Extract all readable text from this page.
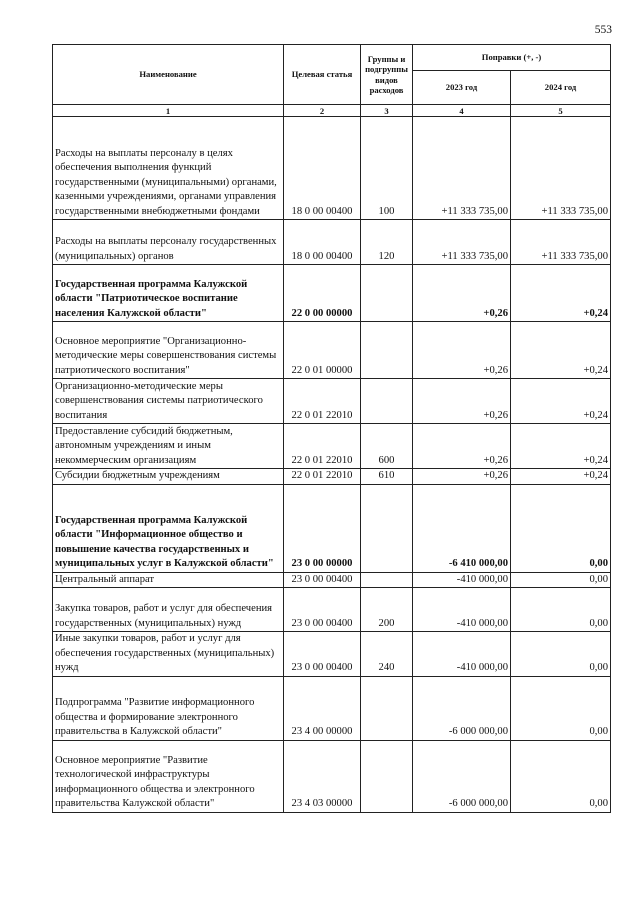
553
Наименование	Целевая статья	Группы и подгруппы видов расходов	Поправки (+, -)	
			2023 год	2024 год
1	2	3	4	5
Расходы на выплаты персоналу в целях обеспечения выполнения функций государственными (муниципальными) органами, казенными учреждениями, органами управления государственными внебюджетными фондами	18 0 00 00400	100	+11 333 735,00	+11 333 735,00
Расходы на выплаты персоналу государственных (муниципальных) органов	18 0 00 00400	120	+11 333 735,00	+11 333 735,00
Государственная программа Калужской области "Патриотическое воспитание населения Калужской области"	22 0 00 00000		+0,26	+0,24
Основное мероприятие "Организационно-методические меры совершенствования системы патриотического воспитания"	22 0 01 00000		+0,26	+0,24
Организационно-методические меры совершенствования системы патриотического воспитания	22 0 01 22010		+0,26	+0,24
Предоставление субсидий бюджетным, автономным учреждениям и иным некоммерческим организациям	22 0 01 22010	600	+0,26	+0,24
Субсидии бюджетным учреждениям	22 0 01 22010	610	+0,26	+0,24
Государственная программа Калужской области "Информационное общество и повышение качества государственных и муниципальных услуг в Калужской области"	23 0 00 00000		-6 410 000,00	0,00
Центральный аппарат	23 0 00 00400		-410 000,00	0,00
Закупка товаров, работ и услуг для обеспечения государственных (муниципальных) нужд	23 0 00 00400	200	-410 000,00	0,00
Иные закупки товаров, работ и услуг для обеспечения государственных (муниципальных) нужд	23 0 00 00400	240	-410 000,00	0,00
Подпрограмма "Развитие информационного общества и формирование электронного правительства в Калужской области"	23 4 00 00000		-6 000 000,00	0,00
Основное мероприятие "Развитие технологической инфраструктуры информационного общества и электронного правительства Калужской области"	23 4 03 00000		-6 000 000,00	0,00
